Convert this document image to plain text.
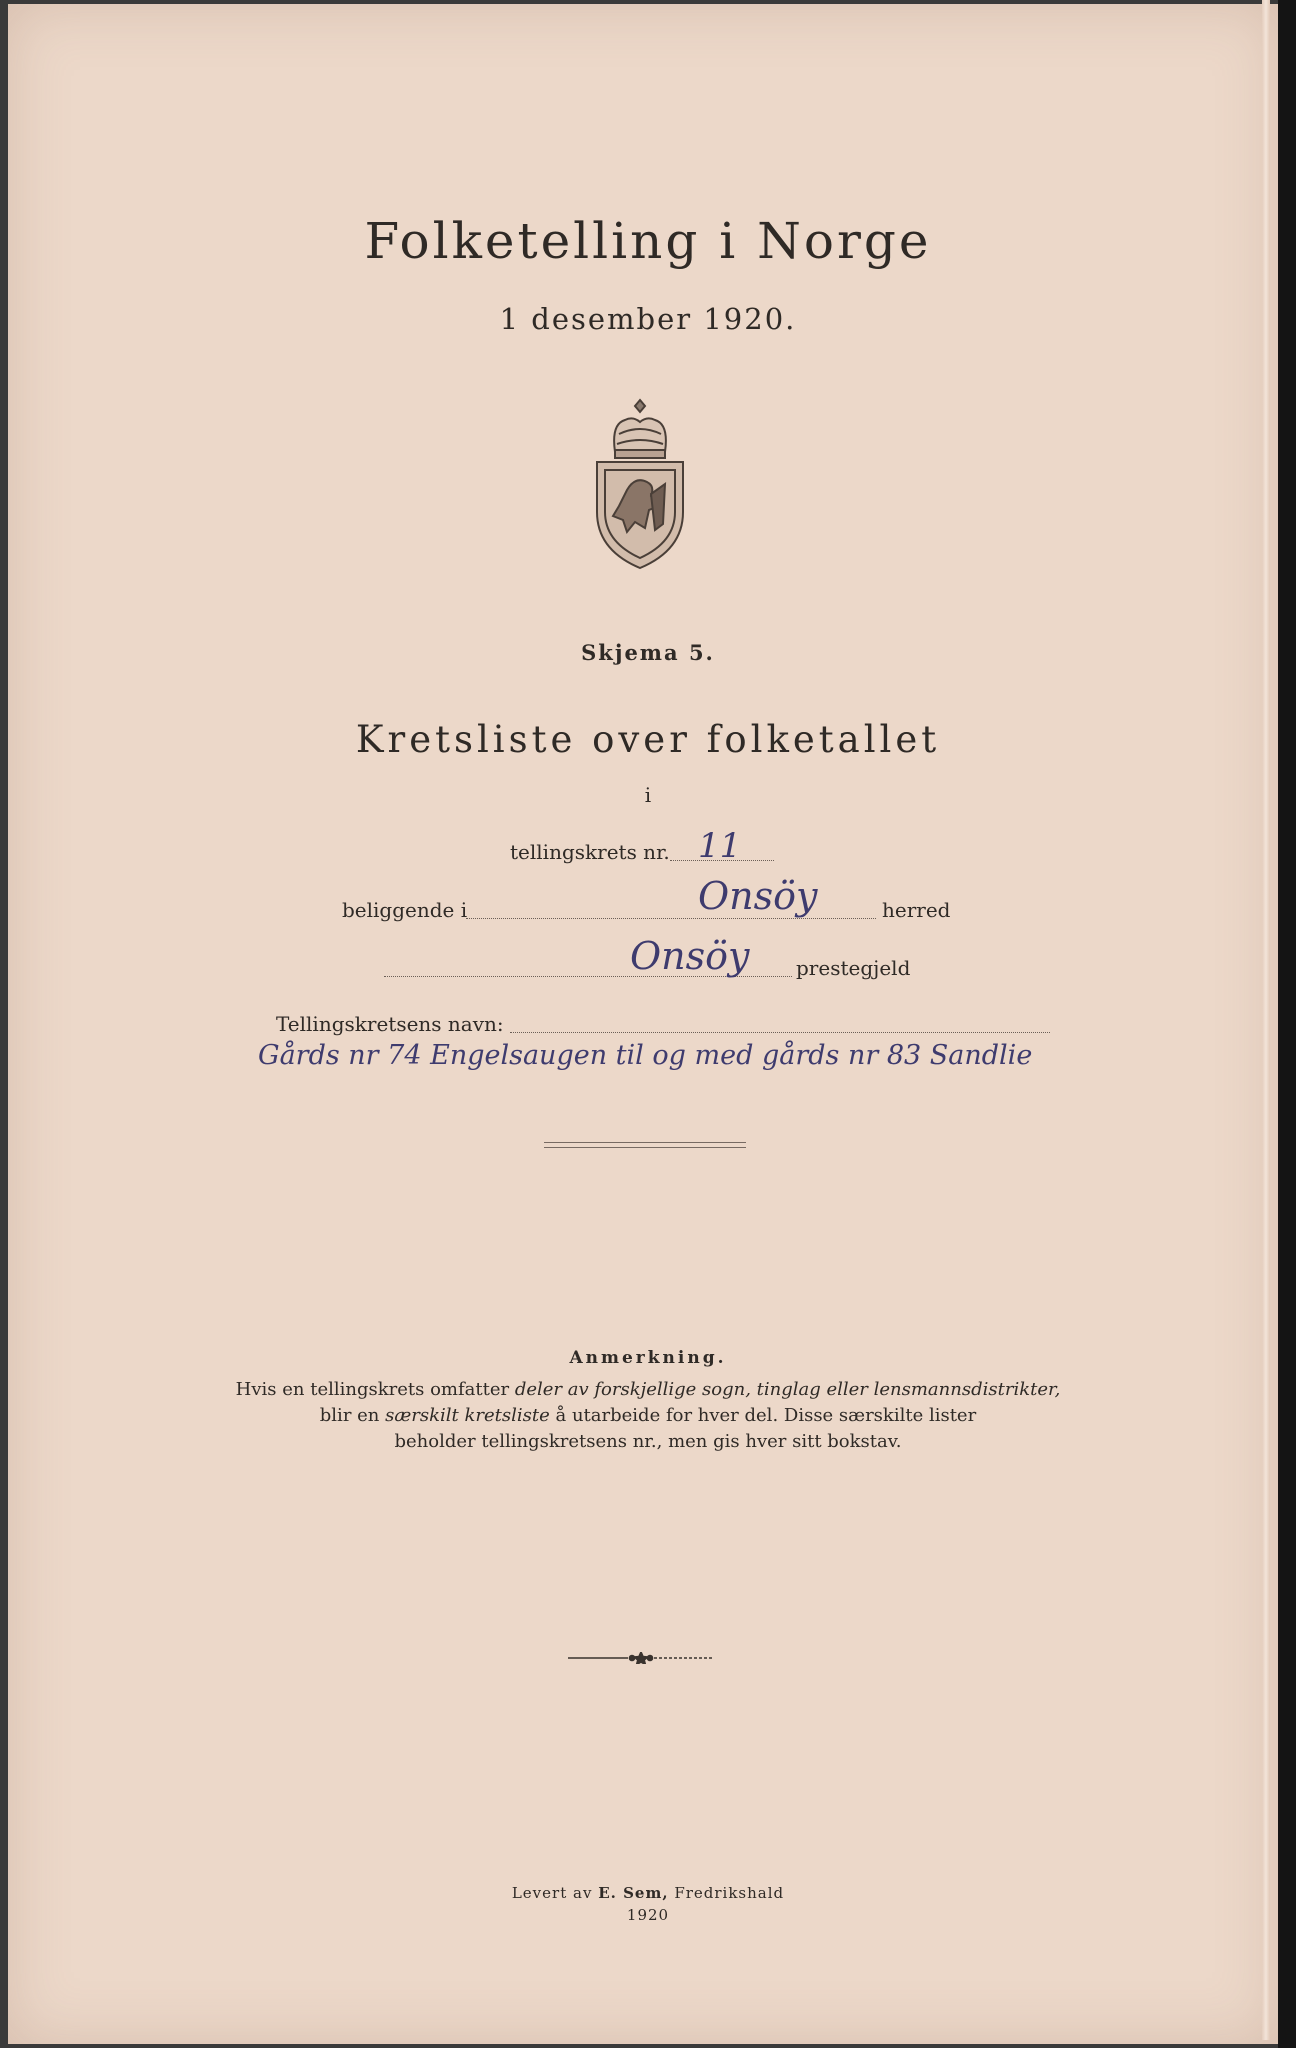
Folketelling i Norge
1 desember 1920.
Skjema 5.
Kretsliste over folketallet
i
tellingskrets nr. 11
beliggende i	Onsöy	herred
Onsöy prestegjeld
Tellingskretsens navn:
Gårds nr 74 Engelsaugen til og med gårds nr 83 Sandlie
Anmerkning.
Hvis en tellingskrets omfatter deler av forskjellige sogn, tinglag eller lensmannsdistrikter,
blir en særskilt kretsliste å utarbeide for hver del. Disse særskilte lister
beholder tellingskretsens nr., men gis hver sitt bokstav.
Levert av E. Sem, Fredrikshald
1920
